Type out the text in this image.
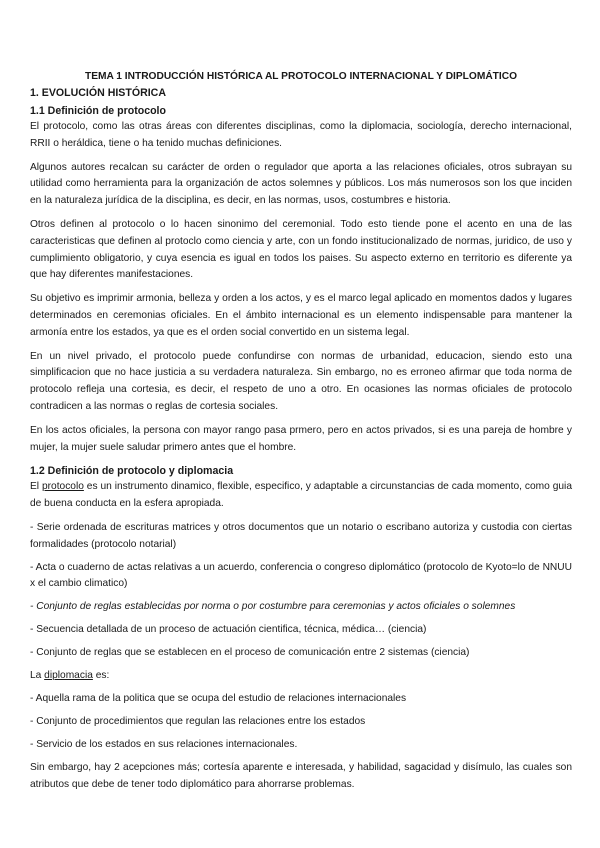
TEMA 1 INTRODUCCIÓN HISTÓRICA AL PROTOCOLO INTERNACIONAL Y DIPLOMÁTICO
1. EVOLUCIÓN HISTÓRICA
1.1 Definición de protocolo

El protocolo, como las otras áreas con diferentes disciplinas, como la diplomacia, sociología, derecho internacional, RRII o heráldica, tiene o ha tenido muchas definiciones.

Algunos autores recalcan su carácter de orden o regulador que aporta a las relaciones oficiales, otros subrayan su utilidad como herramienta para la organización de actos solemnes y públicos. Los más numerosos son los que inciden en la naturaleza jurídica de la disciplina, es decir, en las normas, usos, costumbres e historia.

Otros definen al protocolo o lo hacen sinonimo del ceremonial. Todo esto tiende pone el acento en una de las caracteristicas que definen al protoclo como ciencia y arte, con un fondo institucionalizado de normas, juridico, de uso y cumplimiento obligatorio, y cuya esencia es igual en todos los paises. Su aspecto externo en territorio es diferente ya que hay diferentes manifestaciones.

Su objetivo es imprimir armonia, belleza y orden a los actos, y es el marco legal aplicado en momentos dados y lugares determinados en ceremonias oficiales. En el ámbito internacional es un elemento indispensable para mantener la armonía entre los estados, ya que es el orden social convertido en un sistema legal.

En un nivel privado, el protocolo puede confundirse con normas de urbanidad, educacion, siendo esto una simplificacion que no hace justicia a su verdadera naturaleza. Sin embargo, no es erroneo afirmar que toda norma de protocolo refleja una cortesia, es decir, el respeto de uno a otro. En ocasiones las normas oficiales de protocolo contradicen a las normas o reglas de cortesia sociales.

En los actos oficiales, la persona con mayor rango pasa prmero, pero en actos privados, si es una pareja de hombre y mujer, la mujer suele saludar primero antes que el hombre.

1.2 Definición de protocolo y diplomacia

El protocolo es un instrumento dinamico, flexible, especifico, y adaptable a circunstancias de cada momento, como guia de buena conducta en la esfera apropiada.

- Serie ordenada de escrituras matrices y otros documentos que un notario o escribano autoriza y custodia con ciertas formalidades (protocolo notarial)

- Acta o cuaderno de actas relativas a un acuerdo, conferencia o congreso diplomático (protocolo de Kyoto=lo de NNUU x el cambio climatico)

- Conjunto de reglas establecidas por norma o por costumbre para ceremonias y actos oficiales o solemnes

- Secuencia detallada de un proceso de actuación cientifica, técnica, médica… (ciencia)

- Conjunto de reglas que se establecen en el proceso de comunicación entre 2 sistemas (ciencia)

La diplomacia es:

- Aquella rama de la politica que se ocupa del estudio de relaciones internacionales

- Conjunto de procedimientos que regulan las relaciones entre los estados

- Servicio de los estados en sus relaciones internacionales.

Sin embargo, hay 2 acepciones más; cortesía aparente e interesada, y habilidad, sagacidad y disímulo, las cuales son atributos que debe de tener todo diplomático para ahorrarse problemas.
